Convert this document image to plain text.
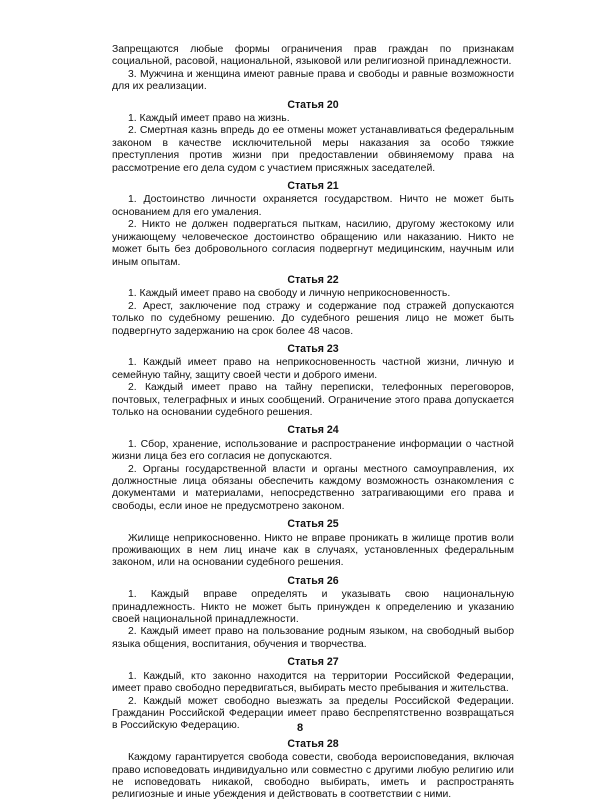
Запрещаются любые формы ограничения прав граждан по признакам социальной, расовой, национальной, языковой или религиозной принадлежности.

3. Мужчина и женщина имеют равные права и свободы и равные возможности для их реализации.

Статья 20

1. Каждый имеет право на жизнь.

2. Смертная казнь впредь до ее отмены может устанавливаться федеральным законом в качестве исключительной меры наказания за особо тяжкие преступления против жизни при предоставлении обвиняемому права на рассмотрение его дела судом с участием присяжных заседателей.

Статья 21

1. Достоинство личности охраняется государством. Ничто не может быть основанием для его умаления.

2. Никто не должен подвергаться пыткам, насилию, другому жестокому или унижающему человеческое достоинство обращению или наказанию. Никто не может быть без добровольного согласия подвергнут медицинским, научным или иным опытам.

Статья 22

1. Каждый имеет право на свободу и личную неприкосновенность.

2. Арест, заключение под стражу и содержание под стражей допускаются только по судебному решению. До судебного решения лицо не может быть подвергнуто задержанию на срок более 48 часов.

Статья 23

1. Каждый имеет право на неприкосновенность частной жизни, личную и семейную тайну, защиту своей чести и доброго имени.

2. Каждый имеет право на тайну переписки, телефонных переговоров, почтовых, телеграфных и иных сообщений. Ограничение этого права допускается только на основании судебного решения.

Статья 24

1. Сбор, хранение, использование и распространение информации о частной жизни лица без его согласия не допускаются.

2. Органы государственной власти и органы местного самоуправления, их должностные лица обязаны обеспечить каждому возможность ознакомления с документами и материалами, непосредственно затрагивающими его права и свободы, если иное не предусмотрено законом.

Статья 25

Жилище неприкосновенно. Никто не вправе проникать в жилище против воли проживающих в нем лиц иначе как в случаях, установленных федеральным законом, или на основании судебного решения.

Статья 26

1. Каждый вправе определять и указывать свою национальную принадлежность. Никто не может быть принужден к определению и указанию своей национальной принадлежности.

2. Каждый имеет право на пользование родным языком, на свободный выбор языка общения, воспитания, обучения и творчества.

Статья 27

1. Каждый, кто законно находится на территории Российской Федерации, имеет право свободно передвигаться, выбирать место пребывания и жительства.

2. Каждый может свободно выезжать за пределы Российской Федерации. Гражданин Российской Федерации имеет право беспрепятственно возвращаться в Российскую Федерацию.

Статья 28

Каждому гарантируется свобода совести, свобода вероисповедания, включая право исповедовать индивидуально или совместно с другими любую религию или не исповедовать никакой, свободно выбирать, иметь и распространять религиозные и иные убеждения и действовать в соответствии с ними.

8
